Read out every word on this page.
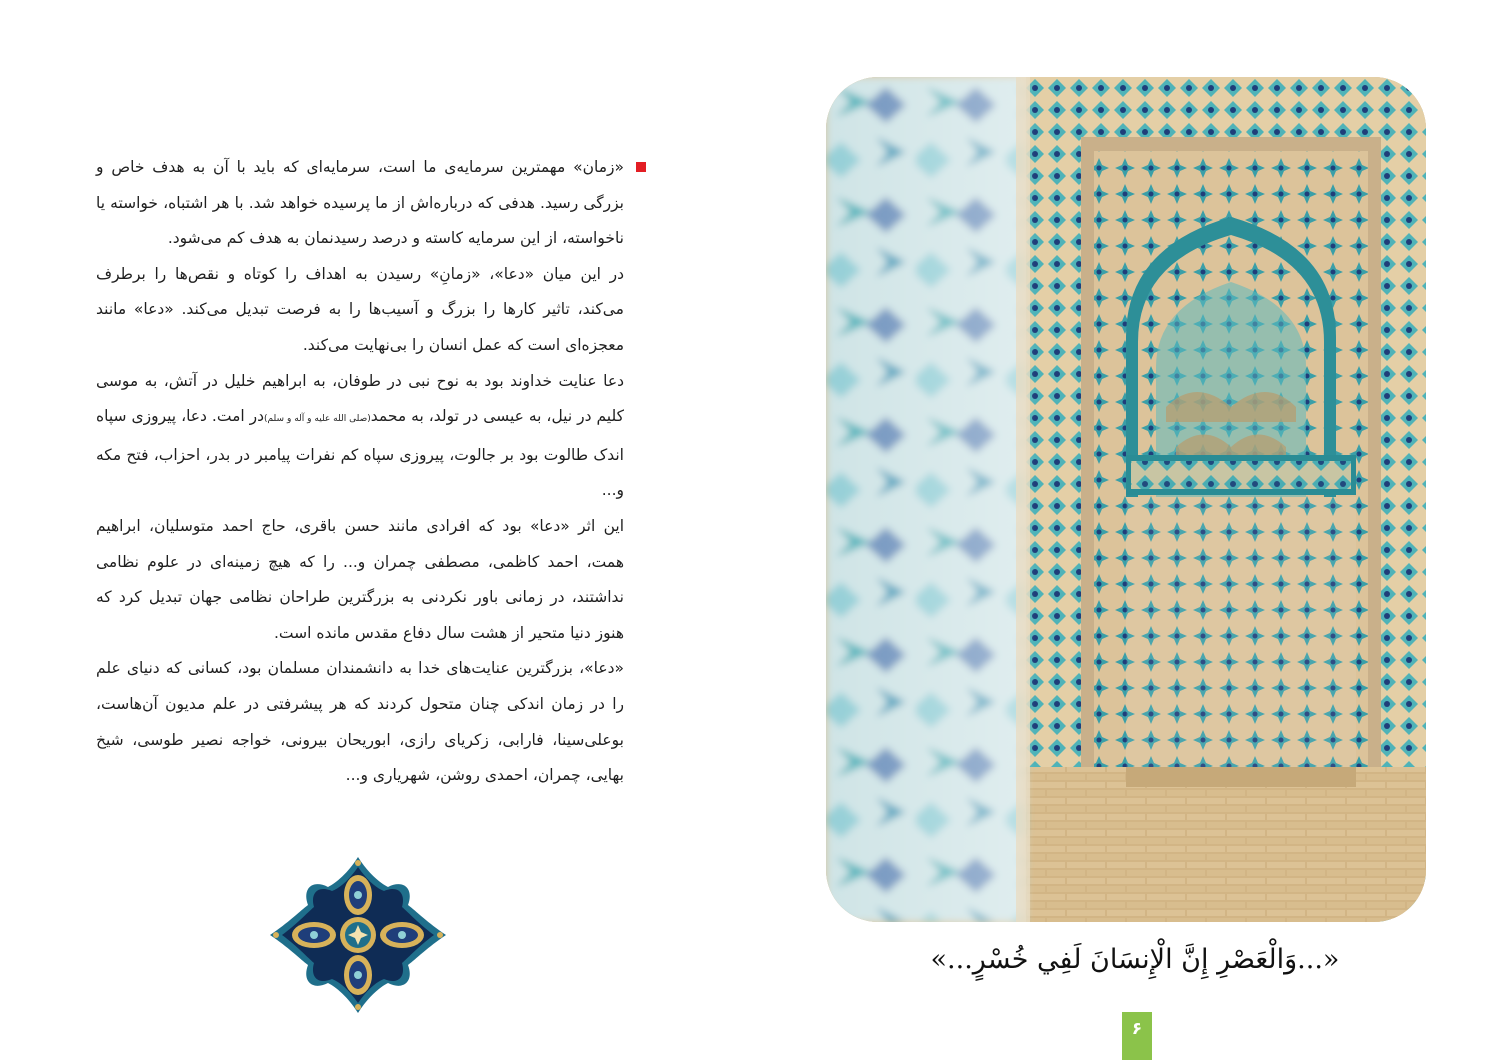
«زمان» مهمترین سرمایه‌ی ما است، سرمایه‌ای که باید با آن به هدف خاص و بزرگی رسید. هدفی که درباره‌اش از ما پرسیده خواهد شد. با هر اشتباه، خواسته یا ناخواسته، از این سرمایه کاسته و درصد رسیدنمان به هدف کم می‌شود.

در این میان «دعا»، «زمانِ» رسیدن به اهداف را کوتاه و نقص‌ها را برطرف می‌کند، تاثیر کارها را بزرگ و آسیب‌ها را به فرصت تبدیل می‌کند. «دعا» مانند معجزه‌ای است که عمل انسان را بی‌نهایت می‌کند.

دعا عنایت خداوند بود به نوح نبی در طوفان، به ابراهیم خلیل در آتش، به موسی کلیم در نیل، به عیسی در تولد، به محمد(صلی الله علیه و آله و سلم)در امت. دعا، پیروزی سپاه اندک طالوت بود بر جالوت، پیروزی سپاه کم نفرات پیامبر در بدر، احزاب، فتح مکه و...

این اثر «دعا» بود که افرادی مانند حسن باقری، حاج احمد متوسلیان، ابراهیم همت، احمد کاظمی، مصطفی چمران و... را که هیچ زمینه‌ای در علوم نظامی نداشتند، در زمانی باور نکردنی به بزرگترین طراحان نظامی جهان تبدیل کرد که هنوز دنیا متحیر از هشت سال دفاع مقدس مانده است.

«دعا»، بزرگترین عنایت‌های خدا به دانشمندان مسلمان بود، کسانی که دنیای علم را در زمان اندکی چنان متحول کردند که هر پیشرفتی در علم مدیون آن‌هاست، بوعلی‌سینا، فارابی، زکریای رازی، ابوریحان بیرونی، خواجه نصیر طوسی، شیخ بهایی، چمران، احمدی روشن، شهریاری و...

«...وَالْعَصْرِ إِنَّ الْإِنسَانَ لَفِي خُسْرٍ...»
۶
